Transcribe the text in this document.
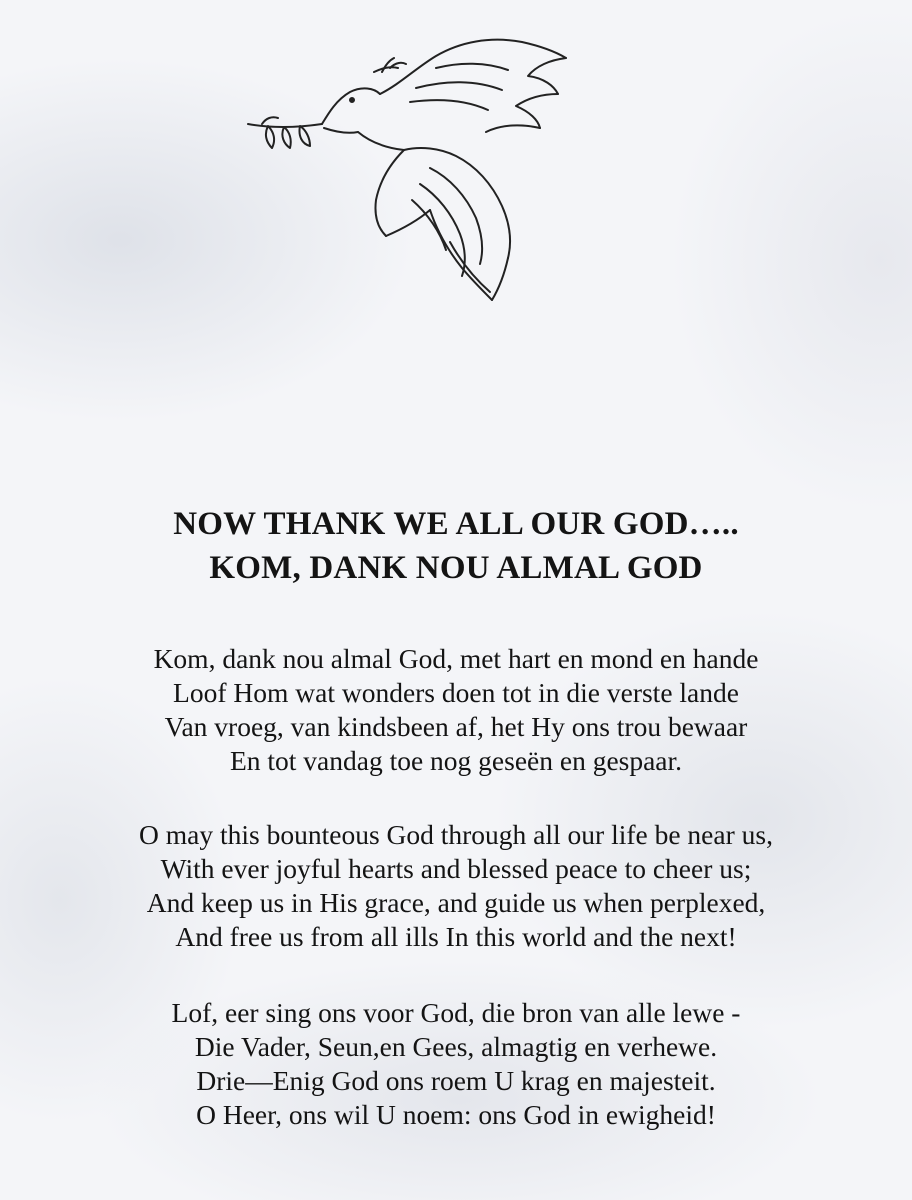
NOW THANK WE ALL OUR GOD…..
KOM, DANK NOU ALMAL GOD
Kom, dank nou almal God, met hart en mond en hande
Loof Hom wat wonders doen tot in die verste lande
Van vroeg, van kindsbeen af, het Hy ons trou bewaar
En tot vandag toe nog geseën en gespaar.
O may this bounteous God through all our life be near us,
With ever joyful hearts and blessed peace to cheer us;
And keep us in His grace, and guide us when perplexed,
And free us from all ills In this world and the next!
Lof, eer sing ons voor God, die bron van alle lewe -
Die Vader, Seun,en Gees, almagtig en verhewe.
Drie—Enig God ons roem U krag en majesteit.
O Heer, ons wil U noem: ons God in ewigheid!
